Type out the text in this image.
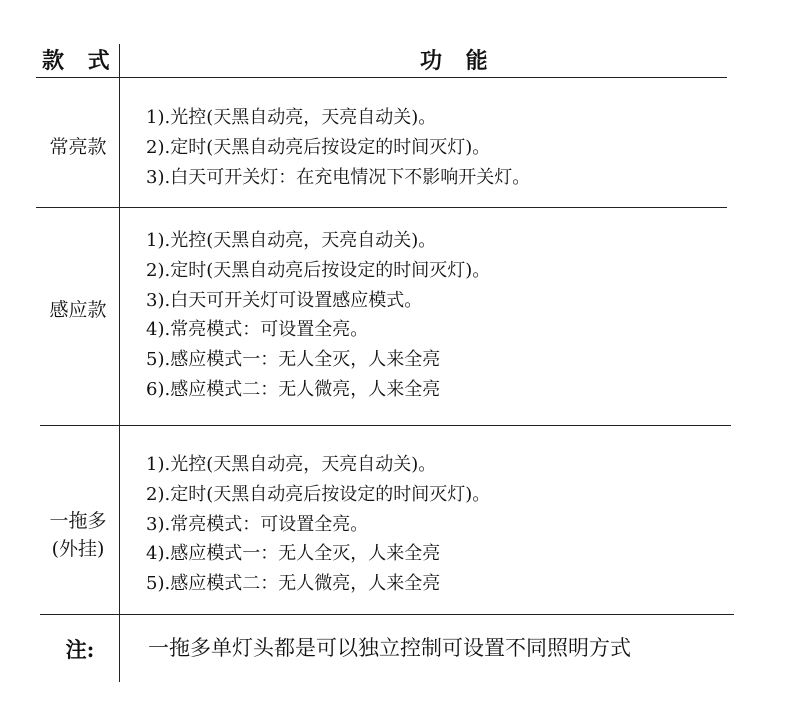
款 式	功 能
常亮款
1).光控(天黑自动亮，天亮自动关)。
2).定时(天黑自动亮后按设定的时间灭灯)。
3).白天可开关灯：在充电情况下不影响开关灯。
感应款
1).光控(天黑自动亮，天亮自动关)。
2).定时(天黑自动亮后按设定的时间灭灯)。
3).白天可开关灯可设置感应模式。
4).常亮模式：可设置全亮。
5).感应模式一：无人全灭，人来全亮
6).感应模式二：无人微亮，人来全亮
一拖多
(外挂)
1).光控(天黑自动亮，天亮自动关)。
2).定时(天黑自动亮后按设定的时间灭灯)。
3).常亮模式：可设置全亮。
4).感应模式一：无人全灭，人来全亮
5).感应模式二：无人微亮，人来全亮
注:	一拖多单灯头都是可以独立控制可设置不同照明方式
